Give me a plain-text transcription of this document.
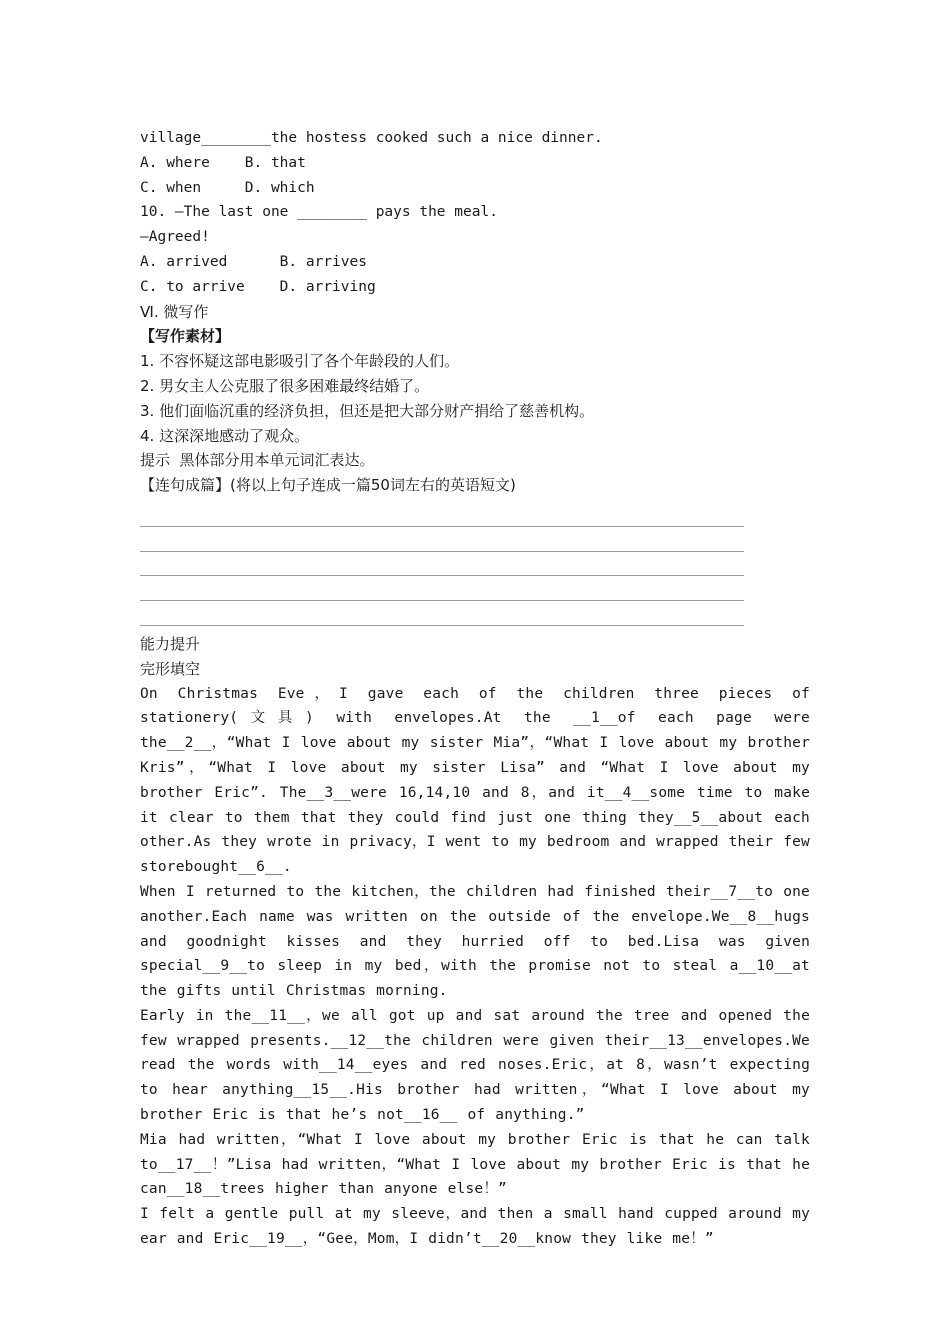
village________the hostess cooked such a nice dinner.
A. where    B. that
C. when     D. which
10. —The last one ________ pays the meal.
—Agreed!
A. arrived      B. arrives
C. to arrive    D. arriving
Ⅵ. 微写作
【写作素材】
1. 不容怀疑这部电影吸引了各个年龄段的人们。
2. 男女主人公克服了很多困难最终结婚了。
3. 他们面临沉重的经济负担，但还是把大部分财产捐给了慈善机构。
4. 这深深地感动了观众。
提示  黑体部分用本单元词汇表达。
【连句成篇】(将以上句子连成一篇50词左右的英语短文)
能力提升
完形填空
On Christmas Eve，I gave each of the children three pieces of stationery(文具) with envelopes.At the __1__of each page were the__2__，“What I love about my sister Mia”，“What I love about my brother Kris”，“What I love about my sister Lisa” and “What I love about my brother Eric”. The__3__were 16,14,10 and 8，and it__4__some time to make it clear to them that they could find just one thing they__5__about each other.As they wrote in privacy，I went to my bedroom and wrapped their few storebought__6__.
When I returned to the kitchen，the children had finished their__7__to one another.Each name was written on the outside of the envelope.We__8__hugs and goodnight kisses and they hurried off to bed.Lisa was given special__9__to sleep in my bed，with the promise not to steal a__10__at the gifts until Christmas morning.
Early in the__11__，we all got up and sat around the tree and opened the few wrapped presents.__12__the children were given their__13__envelopes.We read the words with__14__eyes and red noses.Eric，at 8，wasn’t expecting to hear anything__15__.His brother had written，“What I love about my brother Eric is that he’s not__16__ of anything.”
Mia had written，“What I love about my brother Eric is that he can talk to__17__！”Lisa had written，“What I love about my brother Eric is that he can__18__trees higher than anyone else！”
I felt a gentle pull at my sleeve，and then a small hand cupped around my ear and Eric__19__，“Gee，Mom，I didn’t__20__know they like me！”
